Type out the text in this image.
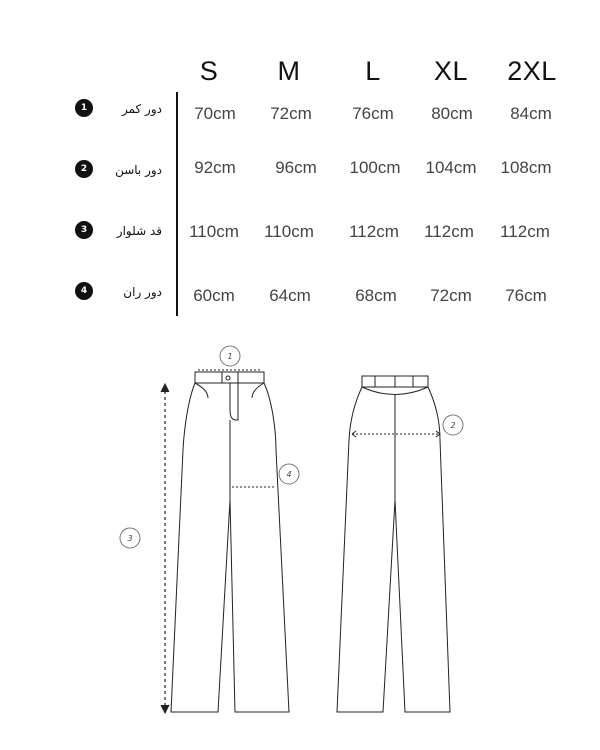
S M L XL 2XL
1	دور کمر 70cm 72cm 76cm 80cm 84cm
2	دور باسن 92cm 96cm 100cm 104cm 108cm
3	قد شلوار 110cm 110cm 112cm 112cm 112cm
4	دور ران 60cm 64cm	68cm 72cm 76cm
1
2
3
4
